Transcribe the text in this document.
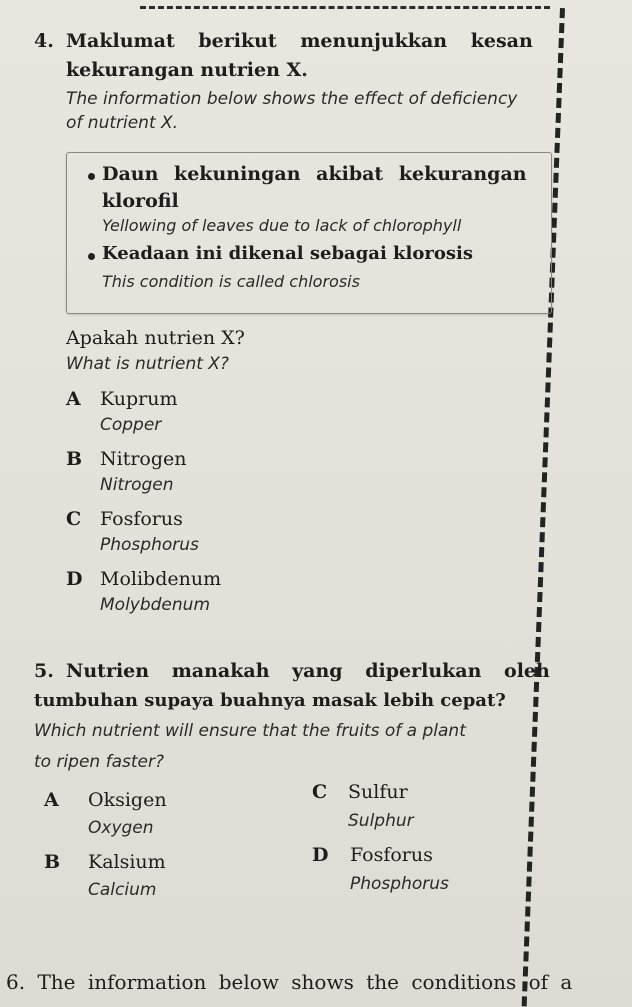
4. Maklumat berikut menunjukkan kesan
kekurangan nutrien X.
The information below shows the effect of deficiency
of nutrient X.
Daun kekuningan akibat kekurangan
klorofil
Yellowing of leaves due to lack of chlorophyll
Keadaan ini dikenal sebagai klorosis
This condition is called chlorosis
Apakah nutrien X?
What is nutrient X?
A Kuprum
Copper
B Nitrogen
Nitrogen
C Fosforus
Phosphorus
D Molibdenum
Molybdenum
5. Nutrien manakah yang diperlukan oleh
tumbuhan supaya buahnya masak lebih cepat?
Which nutrient will ensure that the fruits of a plant
to ripen faster?
A Oksigen
Oxygen
B Kalsium
Calcium
C Sulfur
Sulphur
D Fosforus
Phosphorus
6. The information below shows the conditions of a
